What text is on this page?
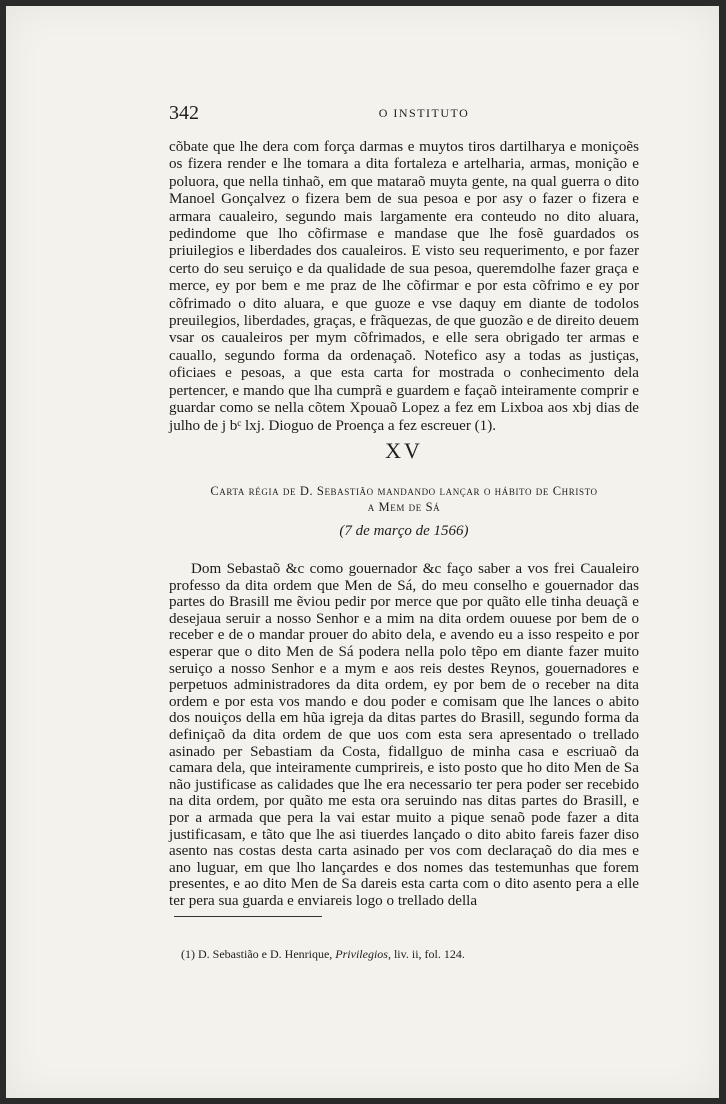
342	O INSTITUTO

cõbate que lhe dera com força darmas e muytos tiros dartilharya e moniçoẽs os fizera render e lhe tomara a dita fortaleza e artelharia, armas, monição e poluora, que nella tinhaõ, em que mataraõ muyta gente, na qual guerra o dito Manoel Gonçalvez o fizera bem de sua pesoa e por asy o fazer o fizera e armara caualeiro, segundo mais largamente era conteudo no dito aluara, pedindome que lho cõfirmase e mandase que lhe fosẽ guardados os priuilegios e liberdades dos caualeiros. E visto seu requerimento, e por fazer certo do seu seruiço e da qualidade de sua pesoa, queremdolhe fazer graça e merce, ey por bem e me praz de lhe cõfirmar e por esta cõfrimo e ey por cõfrimado o dito aluara, e que guoze e vse daquy em diante de todolos preuilegios, liberdades, graças, e frãquezas, de que guozão e de direito deuem vsar os caualeiros per mym cõfrimados, e elle sera obrigado ter armas e cauallo, segundo forma da ordenaçaõ. Notefico asy a todas as justiças, oficiaes e pesoas, a que esta carta for mostrada o conhecimento dela pertencer, e mando que lha cumprã e guardem e façaõ inteiramente comprir e guardar como se nella cõtem Xpouaõ Lopez a fez em Lixboa aos xbj dias de julho de j bᶜ lxj. Dioguo de Proença a fez escreuer (1).

XV
Carta régia de D. Sebastião mandando lançar o hábito de Christo
a Mem de Sá
(7 de março de 1566)

Dom Sebastaõ &c como gouernador &c faço saber a vos frei Caualeiro professo da dita ordem que Men de Sá, do meu conselho e gouernador das partes do Brasill me ẽviou pedir por merce que por quãto elle tinha deuaçã e desejaua seruir a nosso Senhor e a mim na dita ordem ouuese por bem de o receber e de o mandar prouer do abito dela, e avendo eu a isso respeito e por esperar que o dito Men de Sá podera nella polo tẽpo em diante fazer muito seruiço a nosso Senhor e a mym e aos reis destes Reynos, gouernadores e perpetuos administradores da dita ordem, ey por bem de o receber na dita ordem e por esta vos mando e dou poder e comisam que lhe lances o abito dos nouiços della em hũa igreja da ditas partes do Brasill, segundo forma da definiçaõ da dita ordem de que uos com esta sera apresentado o trellado asinado per Sebastiam da Costa, fidallguo de minha casa e escriuaõ da camara dela, que inteiramente cumprireis, e isto posto que ho dito Men de Sa não justificase as calidades que lhe era necessario ter pera poder ser recebido na dita ordem, por quãto me esta ora seruindo nas ditas partes do Brasill, e por a armada que pera la vai estar muito a pique senaõ pode fazer a dita justificasam, e tãto que lhe asi tiuerdes lançado o dito abito fareis fazer diso asento nas costas desta carta asinado per vos com declaraçaõ do dia mes e ano luguar, em que lho lançardes e dos nomes das testemunhas que forem presentes, e ao dito Men de Sa dareis esta carta com o dito asento pera a elle ter pera sua guarda e enviareis logo o trellado della

(1) D. Sebastião e D. Henrique, Privilegios, liv. ii, fol. 124.
